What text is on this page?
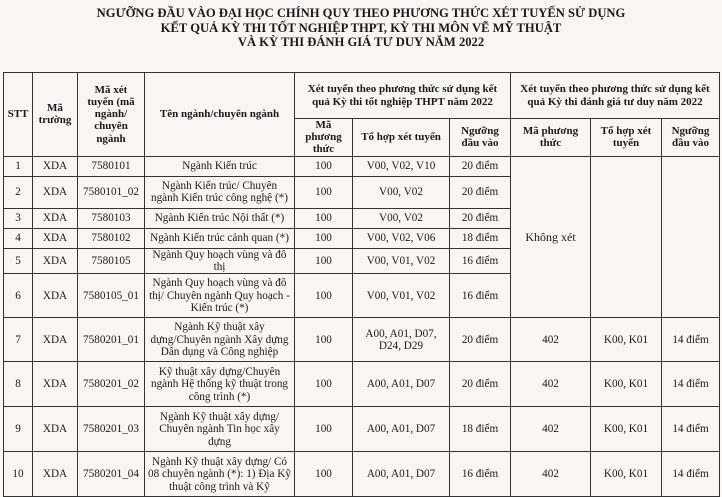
NGƯỠNG ĐẦU VÀO ĐẠI HỌC CHÍNH QUY THEO PHƯƠNG THỨC XÉT TUYỂN SỬ DỤNG
KẾT QUẢ KỲ THI TỐT NGHIỆP THPT, KỲ THI MÔN VẼ MỸ THUẬT
VÀ KỲ THI ĐÁNH GIÁ TƯ DUY NĂM 2022
STT	Mã trường	Mã xét tuyển (mã ngành/ chuyên ngành	Tên ngành/chuyên ngành	Xét tuyển theo phương thức sử dụng kết quả Kỳ thi tốt nghiệp THPT năm 2022			Xét tuyển theo phương thức sử dụng kết quả Kỳ thi đánh giá tư duy năm 2022		
				Mã phương thức	Tổ hợp xét tuyển	Ngưỡng đầu vào	Mã phương thức	Tổ hợp xét tuyển	Ngưỡng đầu vào
1	XDA	7580101	Ngành Kiến trúc	100	V00, V02, V10	20 điểm	Không xét		
2	XDA	7580101_02	Ngành Kiến trúc/ Chuyên ngành Kiến trúc công nghệ (*)	100	V00, V02	20 điểm			
3	XDA	7580103	Ngành Kiến trúc Nội thất (*)	100	V00, V02	20 điểm			
4	XDA	7580102	Ngành Kiến trúc cảnh quan (*)	100	V00, V02, V06	18 điểm			
5	XDA	7580105	Ngành Quy hoạch vùng và đô thị	100	V00, V01, V02	16 điểm			
6	XDA	7580105_01	Ngành Quy hoạch vùng và đô thị/ Chuyên ngành Quy hoạch - Kiến trúc (*)	100	V00, V01, V02	16 điểm			
7	XDA	7580201_01	Ngành Kỹ thuật xây dựng/Chuyên ngành Xây dựng Dân dụng và Công nghiệp	100	A00, A01, D07, D24, D29	20 điểm	402	K00, K01	14 điểm
8	XDA	7580201_02	Kỹ thuật xây dựng/Chuyên ngành Hệ thống kỹ thuật trong công trình (*)	100	A00, A01, D07	20 điểm	402	K00, K01	14 điểm
9	XDA	7580201_03	Ngành Kỹ thuật xây dựng/ Chuyên ngành Tin học xây dựng	100	A00, A01, D07	18 điểm	402	K00, K01	14 điểm
10	XDA	7580201_04	Ngành Kỹ thuật xây dựng/ Có 08 chuyên ngành (*): 1) Địa Kỹ thuật công trình và Kỹ	100	A00, A01, D07	16 điểm	402	K00, K01	14 điểm
